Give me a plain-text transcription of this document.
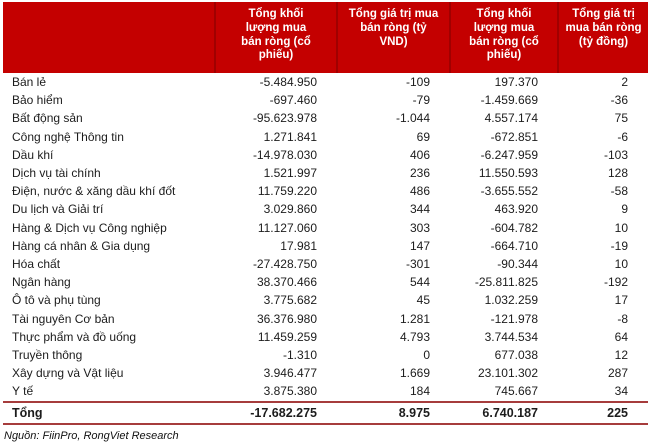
	Tổng khối lượng mua bán ròng (cổ phiếu)	Tổng giá trị mua bán ròng (tỷ VND)	Tổng khối lượng mua bán ròng (cổ phiếu)	Tổng giá trị mua bán ròng (tỷ đồng)
Bán lẻ	-5.484.950	-109	197.370	2
Bảo hiểm	-697.460	-79	-1.459.669	-36
Bất động sản	-95.623.978	-1.044	4.557.174	75
Công nghệ Thông tin	1.271.841	69	-672.851	-6
Dầu khí	-14.978.030	406	-6.247.959	-103
Dịch vụ tài chính	1.521.997	236	11.550.593	128
Điện, nước & xăng dầu khí đốt	11.759.220	486	-3.655.552	-58
Du lịch và Giải trí	3.029.860	344	463.920	9
Hàng & Dịch vụ Công nghiệp	11.127.060	303	-604.782	10
Hàng cá nhân & Gia dụng	17.981	147	-664.710	-19
Hóa chất	-27.428.750	-301	-90.344	10
Ngân hàng	38.370.466	544	-25.811.825	-192
Ô tô và phụ tùng	3.775.682	45	1.032.259	17
Tài nguyên Cơ bản	36.376.980	1.281	-121.978	-8
Thực phẩm và đồ uống	11.459.259	4.793	3.744.534	64
Truyền thông	-1.310	0	677.038	12
Xây dựng và Vật liệu	3.946.477	1.669	23.101.302	287
Y tế	3.875.380	184	745.667	34
Tổng	-17.682.275	8.975	6.740.187	225
Nguồn: FiinPro, RongViet Research
